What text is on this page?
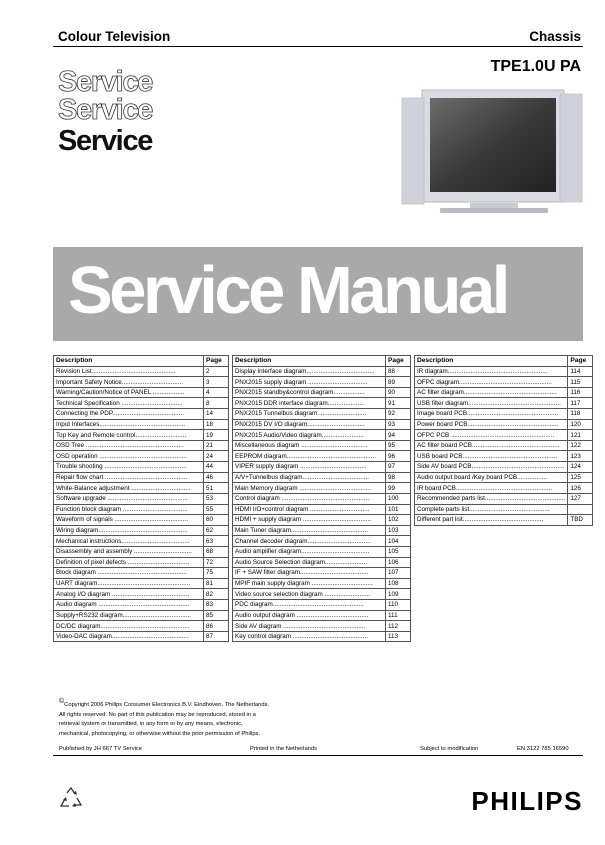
Colour Television	Chassis
TPE1.0U PA
Service
Service
Service
Service Manual
Description	Page
Revision List................................................	2
Important Safety Notice...................................	3
Warning/Caution/Notice of PANEL ..................	4
Technical Specification ...................................	8
Connecting the PDP.........................................	14
Input Interfaces.................................................	18
Top Key and Remote control.............................	19
OSD Tree ........................................................	21
OSD operation ..................................................	24
Trouble shooting ...............................................	44
Repair flow chart ...............................................	46
White-Balance adjustment ..................................	51
Software upgrade ..............................................	53
Function block diagram .....................................	55
Waveform of signals ..........................................	60
Wiring diagram...................................................	62
Mechanical instructions.......................................	63
Disassembly and assembly .................................	68
Definition of pixel defects ...................................	72
Block diagram ...................................................	75
UART diagram.....................................................	81
Analog I/O diagram ............................................	82
Audio diagram ....................................................	83
Supply+RS232 diagram.......................................	85
DC/DC diagram...................................................	86
Video-DAC diagram............................................	87
Description	Page
Display Interface diagram.......................................	88
PNX2015 supply diagram ..................................	89
PNX2015 standby&control diagram..................	90
PNX2015 DDR interface diagram.....................	91
PNX2015 Tunnelbus diagram ...........................	92
PNX2015 DV I/O diagram.................................	93
PNX2015 Audio/Video diagram........................	94
Miscellaneous diagram ......................................	95
EEPROM diagram...................................................	96
VIPER supply diagram ......................................	97
A/V+Tunnelbus diagram......................................	98
Main Memory diagram .........................................	99
Control diagram ..................................................	100
HDMI I/O+control diagram ..................................	101
HDMI + supply diagram .......................................	102
Main Tuner diagram............................................	103
Channel decoder diagram....................................	104
Audio amplifier diagram.......................................	105
Audio Source Selection diagram........................	106
IF + SAW filter diagram.......................................	107
MPIF main supply diagram ...................................	108
Video source selection diagram ..........................	109
PDC diagram....................................................	110
Audio output diagram .........................................	111
Side AV diagram ...............................................	112
Key control diagram ...........................................	113
Description	Page
IR diagram.........................................................	114
OFPC diagram.....................................................	115
AC filter diagram.....................................................	116
USB filter diagram.....................................................	117
Image board PCB....................................................	118
Power board PCB....................................................	120
OFPC PCB ...........................................................	121
AC filter board PCB..................................................	122
USB board PCB......................................................	123
Side AV board PCB.....................................................	124
Audio output board /Key board PCB.................	125
IR board PCB.......................................................	126
Recommended parts list..............................................	127
Complete parts list..............................................	
Different part list..............................................	TBD
©Copyright 2006 Philips Consumer Electronics B.V. Eindhoven, The Netherlands.
All rights reserved. No part of this publication may be reproduced, stored in a
retrieval system or transmitted, in any form or by any means, electronic,
mechanical, photocopying, or otherwise without the prior permission of Philips.
Published by JH 667 TV Service	Printed in the Netherlands	Subject to modification	EN 3122 785 16590
PHILIPS
